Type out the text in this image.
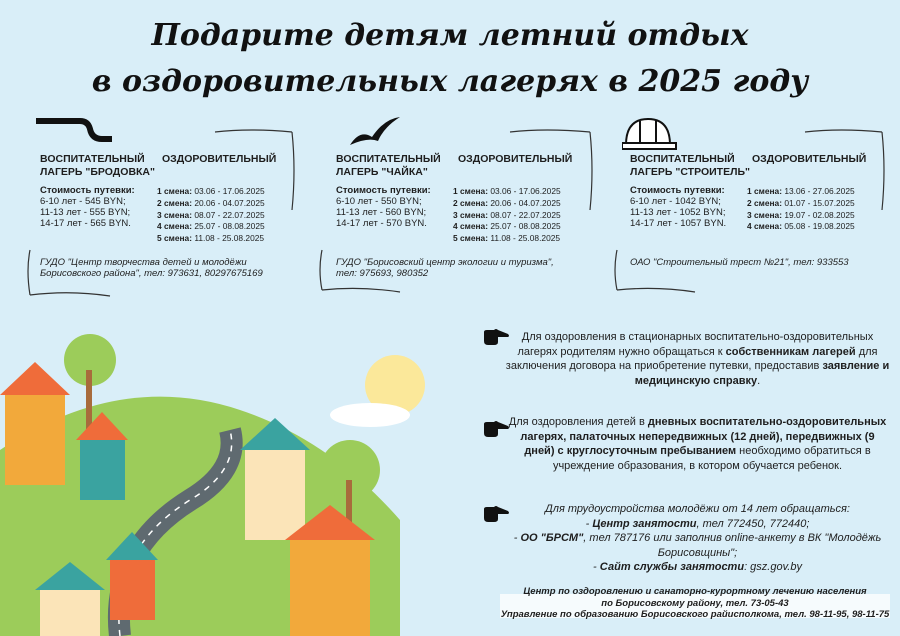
Подарите детям летний отдых
в оздоровительных лагерях в 2025 году
ВОСПИТАТЕЛЬНЫЙ ОЗДОРОВИТЕЛЬНЫЙ

ЛАГЕРЬ "БРОДОВКА"
Стоимость путевки:
6-10 лет - 545 BYN;
11-13 лет - 555 BYN;
14-17 лет - 565 BYN.
1 смена: 03.06 - 17.06.2025
2 смена: 20.06 - 04.07.2025
3 смена: 08.07 - 22.07.2025
4 смена: 25.07 - 08.08.2025
5 смена: 11.08 - 25.08.2025
ГУДО "Центр творчества детей и молодёжи Борисовского района", тел: 973631, 80297675169
ВОСПИТАТЕЛЬНЫЙ ОЗДОРОВИТЕЛЬНЫЙ

ЛАГЕРЬ "ЧАЙКА"
Стоимость путевки:
6-10 лет - 550 BYN;
11-13 лет - 560 BYN;
14-17 лет - 570 BYN.
1 смена: 03.06 - 17.06.2025
2 смена: 20.06 - 04.07.2025
3 смена: 08.07 - 22.07.2025
4 смена: 25.07 - 08.08.2025
5 смена: 11.08 - 25.08.2025
ГУДО "Борисовский центр экологии и туризма", тел: 975693, 980352
ВОСПИТАТЕЛЬНЫЙ ОЗДОРОВИТЕЛЬНЫЙ

ЛАГЕРЬ "СТРОИТЕЛЬ"
Стоимость путевки:
6-10 лет - 1042 BYN;
11-13 лет - 1052 BYN;
14-17 лет - 1057 BYN.
1 смена: 13.06 - 27.06.2025
2 смена: 01.07 - 15.07.2025
3 смена: 19.07 - 02.08.2025
4 смена: 05.08 - 19.08.2025
ОАО "Строительный трест №21", тел: 933553
Для оздоровления в стационарных воспитательно-оздоровительных лагерях родителям нужно обращаться к собственникам лагерей для заключения договора на приобретение путевки, предоставив заявление и медицинскую справку.
Для оздоровления детей в дневных воспитательно-оздоровительных лагерях, палаточных непередвижных (12 дней), передвижных (9 дней) с круглосуточным пребыванием необходимо обратиться в учреждение образования, в котором обучается ребенок.
Для трудоустройства молодёжи от 14 лет обращаться:
- Центр занятости, тел 772450, 772440;
- ОО "БРСМ", тел 787176 или заполнив online-анкету в ВК "Молодёжь Борисовщины";
- Сайт службы занятости: gsz.gov.by
Центр по оздоровлению и санаторно-курортному лечению населения
по Борисовскому району, тел. 73-05-43
Управление по образованию Борисовского райисполкома, тел. 98-11-95, 98-11-75
